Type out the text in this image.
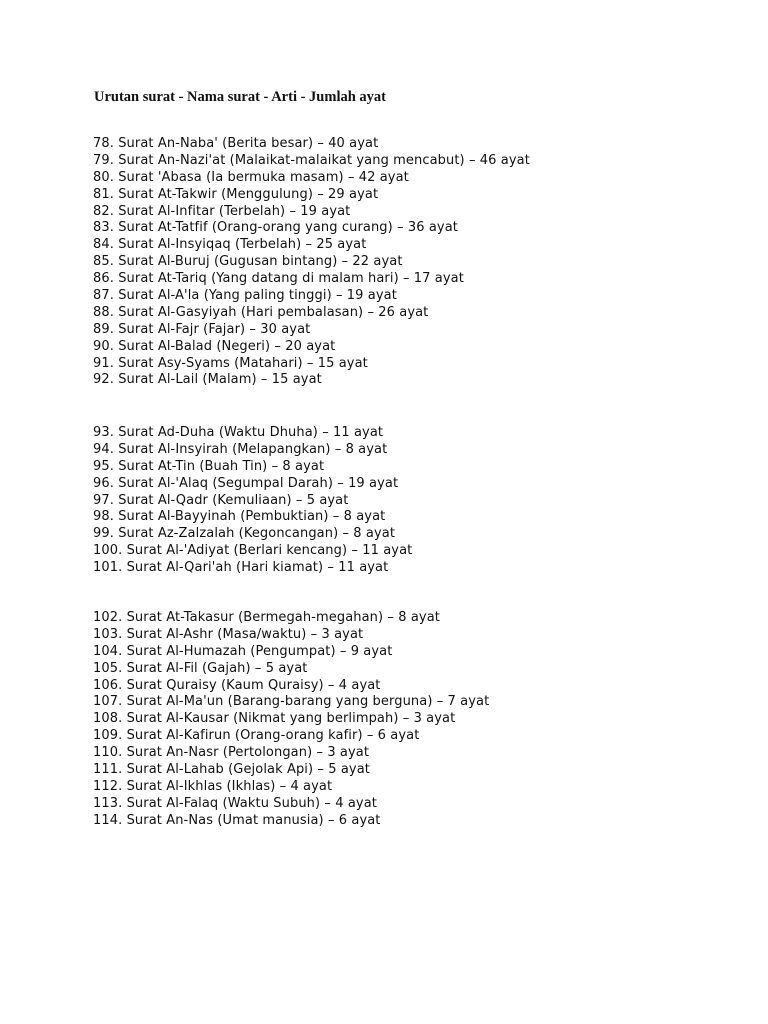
Urutan surat - Nama surat - Arti - Jumlah ayat
78. Surat An-Naba' (Berita besar) – 40 ayat
79. Surat An-Nazi'at (Malaikat-malaikat yang mencabut) – 46 ayat
80. Surat 'Abasa (Ia bermuka masam) – 42 ayat
81. Surat At-Takwir (Menggulung) – 29 ayat
82. Surat Al-Infitar (Terbelah) – 19 ayat
83. Surat At-Tatfif (Orang-orang yang curang) – 36 ayat
84. Surat Al-Insyiqaq (Terbelah) – 25 ayat
85. Surat Al-Buruj (Gugusan bintang) – 22 ayat
86. Surat At-Tariq (Yang datang di malam hari) – 17 ayat
87. Surat Al-A'la (Yang paling tinggi) – 19 ayat
88. Surat Al-Gasyiyah (Hari pembalasan) – 26 ayat
89. Surat Al-Fajr (Fajar) – 30 ayat
90. Surat Al-Balad (Negeri) – 20 ayat
91. Surat Asy-Syams (Matahari) – 15 ayat
92. Surat Al-Lail (Malam) – 15 ayat
93. Surat Ad-Duha (Waktu Dhuha) – 11 ayat
94. Surat Al-Insyirah (Melapangkan) – 8 ayat
95. Surat At-Tin (Buah Tin) – 8 ayat
96. Surat Al-'Alaq (Segumpal Darah) – 19 ayat
97. Surat Al-Qadr (Kemuliaan) – 5 ayat
98. Surat Al-Bayyinah (Pembuktian) – 8 ayat
99. Surat Az-Zalzalah (Kegoncangan) – 8 ayat
100. Surat Al-'Adiyat (Berlari kencang) – 11 ayat
101. Surat Al-Qari'ah (Hari kiamat) – 11 ayat
102. Surat At-Takasur (Bermegah-megahan) – 8 ayat
103. Surat Al-Ashr (Masa/waktu) – 3 ayat
104. Surat Al-Humazah (Pengumpat) – 9 ayat
105. Surat Al-Fil (Gajah) – 5 ayat
106. Surat Quraisy (Kaum Quraisy) – 4 ayat
107. Surat Al-Ma'un (Barang-barang yang berguna) – 7 ayat
108. Surat Al-Kausar (Nikmat yang berlimpah) – 3 ayat
109. Surat Al-Kafirun (Orang-orang kafir) – 6 ayat
110. Surat An-Nasr (Pertolongan) – 3 ayat
111. Surat Al-Lahab (Gejolak Api) – 5 ayat
112. Surat Al-Ikhlas (Ikhlas) – 4 ayat
113. Surat Al-Falaq (Waktu Subuh) – 4 ayat
114. Surat An-Nas (Umat manusia) – 6 ayat
